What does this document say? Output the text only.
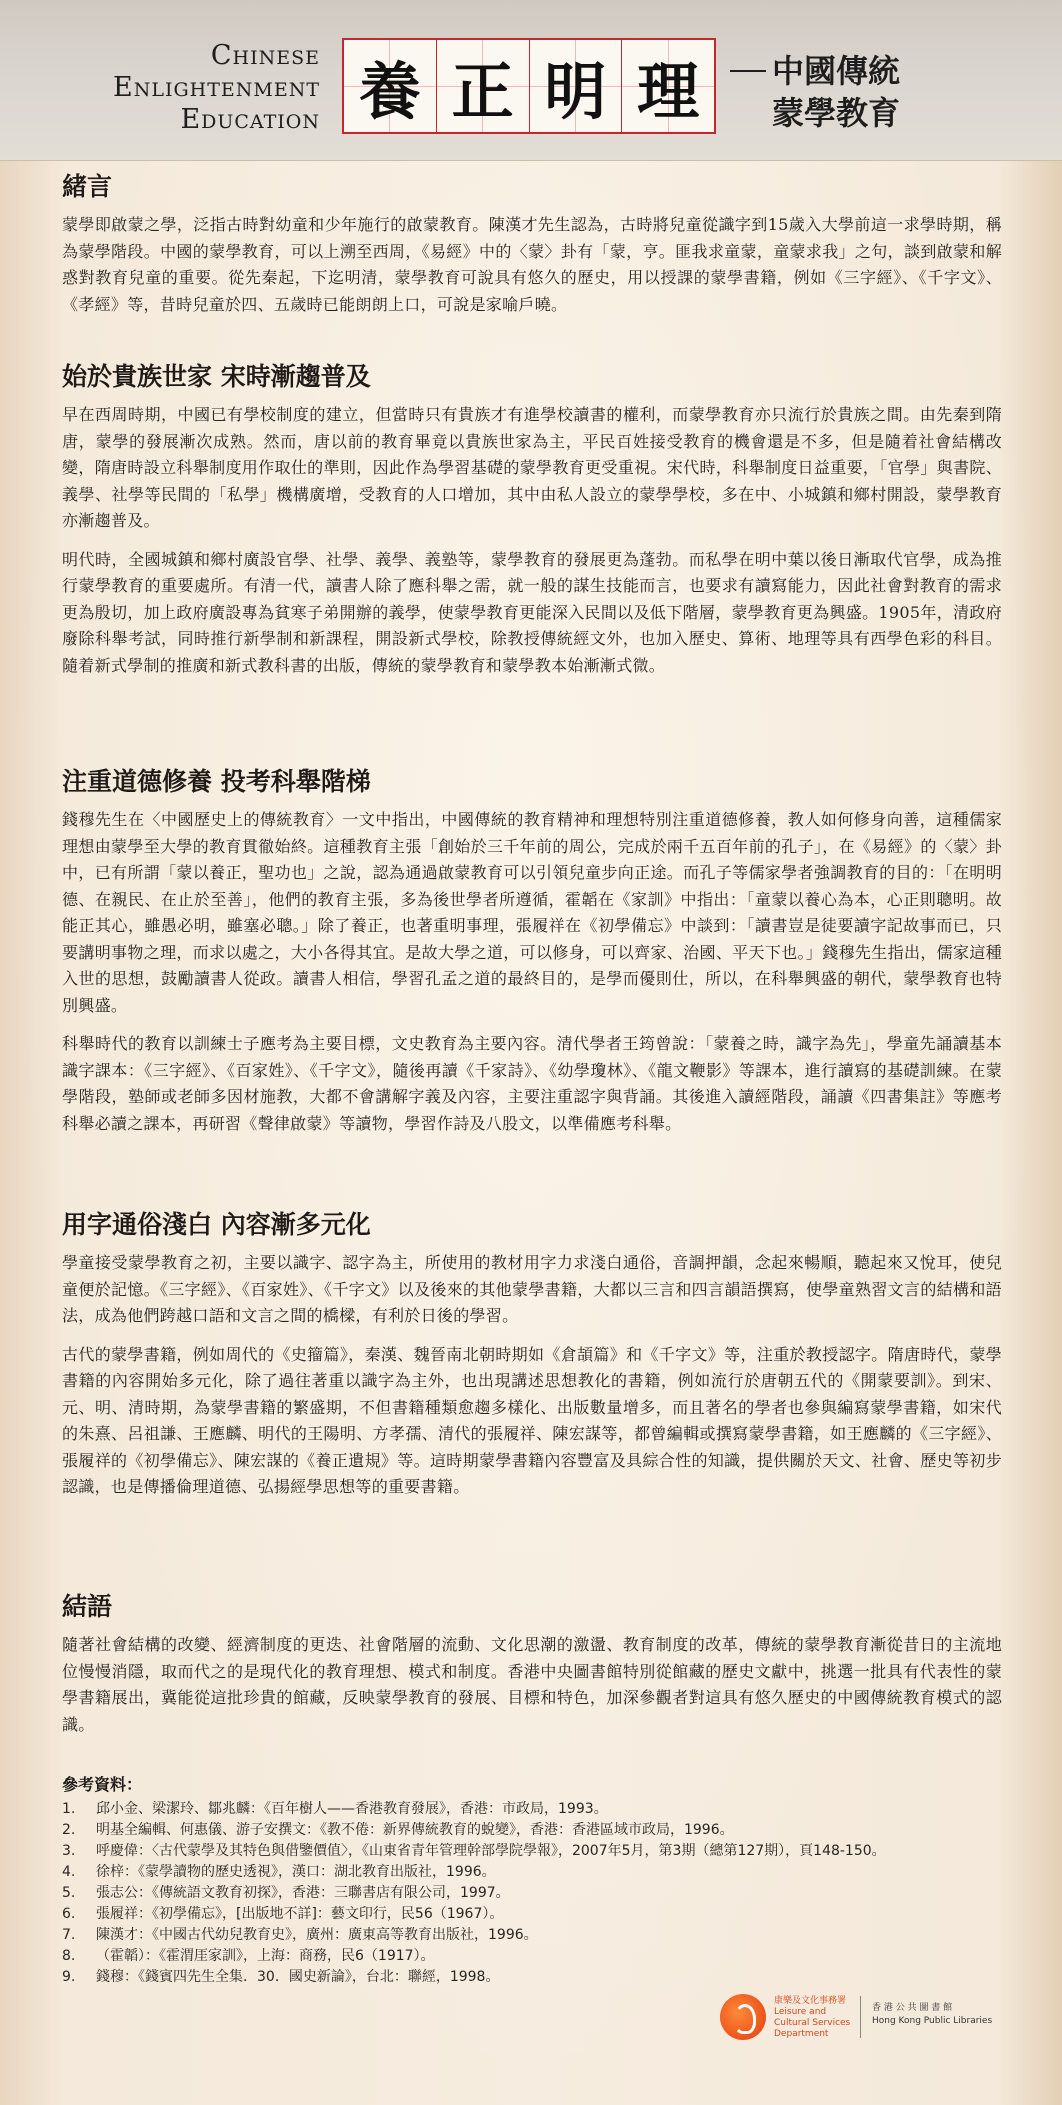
Chinese
Enlightenment
Education 養 正 明 理	中國傳統
蒙學教育
緒言

蒙學即啟蒙之學，泛指古時對幼童和少年施行的啟蒙教育。陳漢才先生認為，古時將兒童從識字到15歲入大學前這一求學時期，稱為蒙學階段。中國的蒙學教育，可以上溯至西周，《易經》中的〈蒙〉卦有「蒙，亨。匪我求童蒙，童蒙求我」之句，談到啟蒙和解惑對教育兒童的重要。從先秦起，下迄明清，蒙學教育可說具有悠久的歷史，用以授課的蒙學書籍，例如《三字經》、《千字文》、《孝經》等，昔時兒童於四、五歲時已能朗朗上口，可說是家喻戶曉。

始於貴族世家 宋時漸趨普及

早在西周時期，中國已有學校制度的建立，但當時只有貴族才有進學校讀書的權利，而蒙學教育亦只流行於貴族之間。由先秦到隋唐，蒙學的發展漸次成熟。然而，唐以前的教育畢竟以貴族世家為主，平民百姓接受教育的機會還是不多，但是隨着社會結構改變，隋唐時設立科舉制度用作取仕的準則，因此作為學習基礎的蒙學教育更受重視。宋代時，科舉制度日益重要，「官學」與書院、義學、社學等民間的「私學」機構廣增，受教育的人口增加，其中由私人設立的蒙學學校，多在中、小城鎮和鄉村開設，蒙學教育亦漸趨普及。

明代時，全國城鎮和鄉村廣設官學、社學、義學、義塾等，蒙學教育的發展更為蓬勃。而私學在明中葉以後日漸取代官學，成為推行蒙學教育的重要處所。有清一代，讀書人除了應科舉之需，就一般的謀生技能而言，也要求有讀寫能力，因此社會對教育的需求更為殷切，加上政府廣設專為貧寒子弟開辦的義學，使蒙學教育更能深入民間以及低下階層，蒙學教育更為興盛。1905年，清政府廢除科舉考試，同時推行新學制和新課程，開設新式學校，除教授傳統經文外，也加入歷史、算術、地理等具有西學色彩的科目。隨着新式學制的推廣和新式教科書的出版，傳統的蒙學教育和蒙學教本始漸漸式微。

注重道德修養 投考科舉階梯

錢穆先生在〈中國歷史上的傳統教育〉一文中指出，中國傳統的教育精神和理想特別注重道德修養，教人如何修身向善，這種儒家理想由蒙學至大學的教育貫徹始終。這種教育主張「創始於三千年前的周公，完成於兩千五百年前的孔子」，在《易經》的〈蒙〉卦中，已有所謂「蒙以養正，聖功也」之說，認為通過啟蒙教育可以引領兒童步向正途。而孔子等儒家學者強調教育的目的：「在明明德、在親民、在止於至善」，他們的教育主張，多為後世學者所遵循，霍韜在《家訓》中指出：「童蒙以養心為本，心正則聰明。故能正其心，雖愚必明，雖塞必聰。」除了養正，也著重明事理，張履祥在《初學備忘》中談到：「讀書豈是徒要讀字記故事而已，只要講明事物之理，而求以處之，大小各得其宜。是故大學之道，可以修身，可以齊家、治國、平天下也。」錢穆先生指出，儒家這種入世的思想，鼓勵讀書人從政。讀書人相信，學習孔孟之道的最終目的，是學而優則仕，所以，在科舉興盛的朝代，蒙學教育也特別興盛。

科舉時代的教育以訓練士子應考為主要目標，文史教育為主要內容。清代學者王筠曾說：「蒙養之時，識字為先」，學童先誦讀基本識字課本：《三字經》、《百家姓》、《千字文》，隨後再讀《千家詩》、《幼學瓊林》、《龍文鞭影》等課本，進行讀寫的基礎訓練。在蒙學階段，塾師或老師多因材施教，大都不會講解字義及內容，主要注重認字與背誦。其後進入讀經階段，誦讀《四書集註》等應考科舉必讀之課本，再研習《聲律啟蒙》等讀物，學習作詩及八股文，以準備應考科舉。

用字通俗淺白 內容漸多元化

學童接受蒙學教育之初，主要以識字、認字為主，所使用的教材用字力求淺白通俗，音調押韻，念起來暢順，聽起來又悅耳，使兒童便於記憶。《三字經》、《百家姓》、《千字文》以及後來的其他蒙學書籍，大都以三言和四言韻語撰寫，使學童熟習文言的結構和語法，成為他們跨越口語和文言之間的橋樑，有利於日後的學習。

古代的蒙學書籍，例如周代的《史籀篇》，秦漢、魏晉南北朝時期如《倉頡篇》和《千字文》等，注重於教授認字。隋唐時代，蒙學書籍的內容開始多元化，除了過往著重以識字為主外，也出現講述思想教化的書籍，例如流行於唐朝五代的《開蒙要訓》。到宋、元、明、清時期，為蒙學書籍的繁盛期，不但書籍種類愈趨多樣化、出版數量增多，而且著名的學者也參與編寫蒙學書籍，如宋代的朱熹、呂祖謙、王應麟、明代的王陽明、方孝孺、清代的張履祥、陳宏謀等，都曾編輯或撰寫蒙學書籍，如王應麟的《三字經》、張履祥的《初學備忘》、陳宏謀的《養正遺規》等。這時期蒙學書籍內容豐富及具綜合性的知識，提供關於天文、社會、歷史等初步認識，也是傳播倫理道德、弘揚經學思想等的重要書籍。

結語

隨著社會結構的改變、經濟制度的更迭、社會階層的流動、文化思潮的激盪、教育制度的改革，傳統的蒙學教育漸從昔日的主流地位慢慢消隱，取而代之的是現代化的教育理想、模式和制度。香港中央圖書館特別從館藏的歷史文獻中，挑選一批具有代表性的蒙學書籍展出，冀能從這批珍貴的館藏，反映蒙學教育的發展、目標和特色，加深參觀者對這具有悠久歷史的中國傳統教育模式的認識。

參考資料：
1.	邱小金、梁潔玲、鄒兆麟：《百年樹人——香港教育發展》，香港：市政局，1993。
2.	明基全編輯、何惠儀、游子安撰文：《教不倦：新界傳統教育的蛻變》，香港：香港區域市政局，1996。
3.	呼慶偉：〈古代蒙學及其特色與借鑒價值〉，《山東省青年管理幹部學院學報》，2007年5月，第3期（總第127期），頁148-150。
4.	徐梓：《蒙學讀物的歷史透視》，漢口：湖北教育出版社，1996。
5.	張志公：《傳統語文教育初探》，香港：三聯書店有限公司，1997。
6.	張履祥：《初學備忘》，[出版地不詳]：藝文印行，民56（1967）。
7.	陳漢才：《中國古代幼兒教育史》，廣州：廣東高等教育出版社，1996。
8.	（霍韜）：《霍渭厓家訓》，上海：商務，民6（1917）。
9.	錢穆：《錢賓四先生全集．30．國史新論》，台北：聯經，1998。
康樂及文化事務署
Leisure and Cultural Services Department
香 港 公 共 圖 書 館
Hong Kong Public Libraries
